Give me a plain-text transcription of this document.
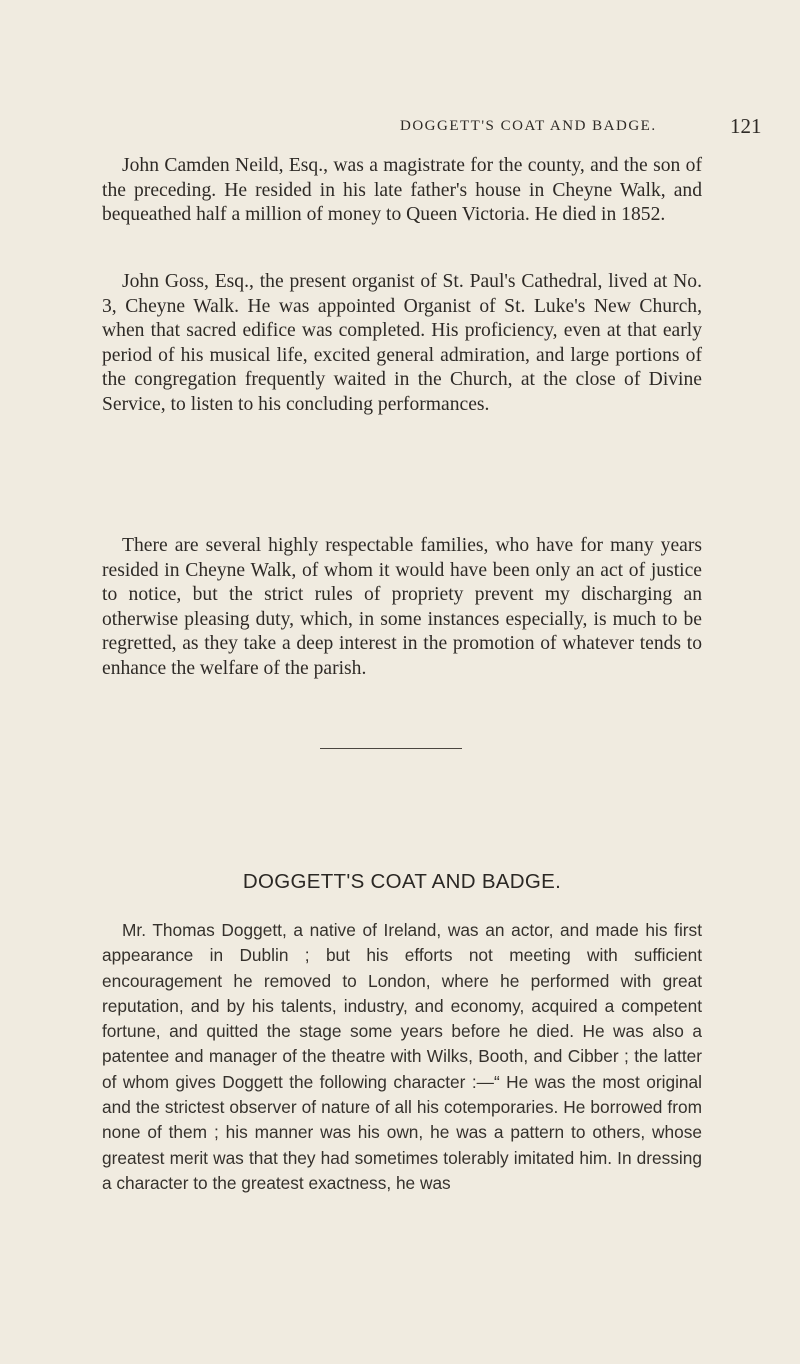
DOGGETT'S COAT AND BADGE.	121

John Camden Neild, Esq., was a magistrate for the county, and the son of the preceding. He resided in his late father's house in Cheyne Walk, and bequeathed half a million of money to Queen Victoria. He died in 1852.

John Goss, Esq., the present organist of St. Paul's Cathedral, lived at No. 3, Cheyne Walk. He was appointed Organist of St. Luke's New Church, when that sacred edifice was completed. His proficiency, even at that early period of his musical life, excited general admiration, and large portions of the congregation frequently waited in the Church, at the close of Divine Service, to listen to his concluding performances.

There are several highly respectable families, who have for many years resided in Cheyne Walk, of whom it would have been only an act of justice to notice, but the strict rules of propriety prevent my discharging an otherwise pleasing duty, which, in some instances especially, is much to be regretted, as they take a deep interest in the promotion of whatever tends to enhance the welfare of the parish.

DOGGETT'S COAT AND BADGE.

Mr. Thomas Doggett, a native of Ireland, was an actor, and made his first appearance in Dublin ; but his efforts not meeting with sufficient encouragement he removed to London, where he performed with great reputation, and by his talents, industry, and economy, acquired a competent fortune, and quitted the stage some years before he died. He was also a patentee and manager of the theatre with Wilks, Booth, and Cibber ; the latter of whom gives Doggett the following character :—“ He was the most original and the strictest observer of nature of all his cotemporaries. He borrowed from none of them ; his manner was his own, he was a pattern to others, whose greatest merit was that they had sometimes tolerably imitated him. In dressing a character to the greatest exactness, he was
